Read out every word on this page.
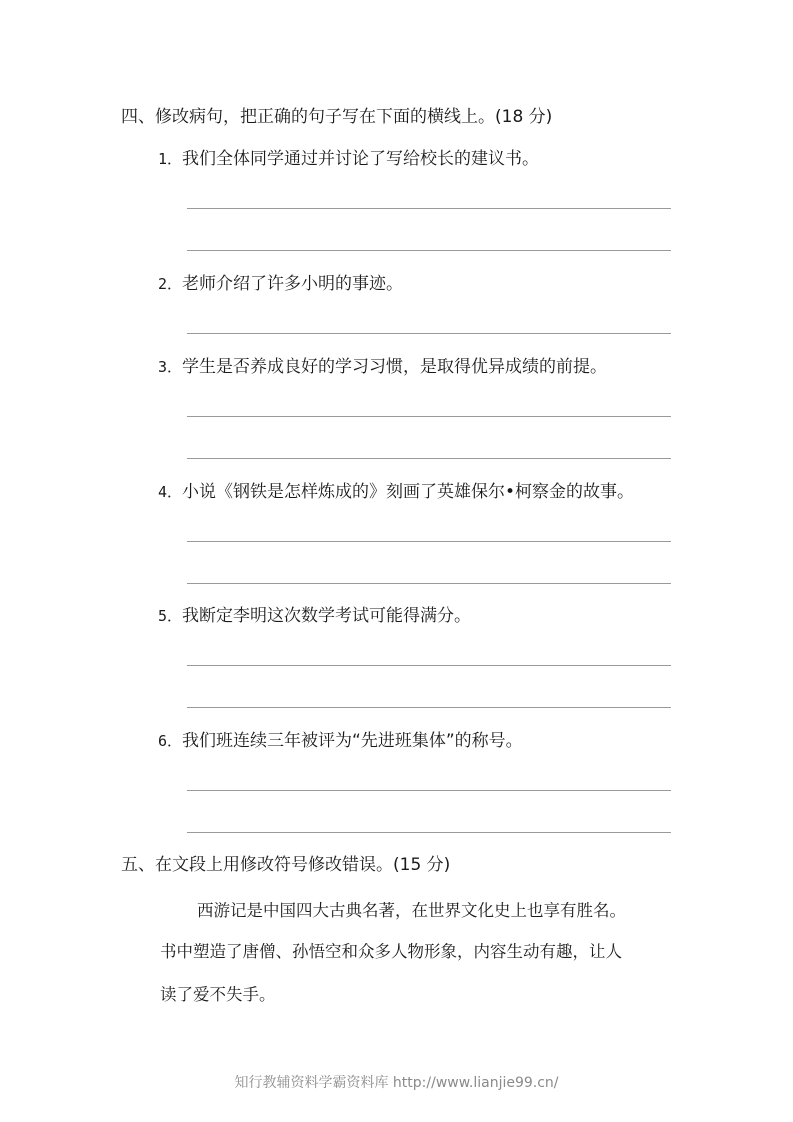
四、修改病句，把正确的句子写在下面的横线上。(18 分)
1．我们全体同学通过并讨论了写给校长的建议书。
2．老师介绍了许多小明的事迹。
3．学生是否养成良好的学习习惯，是取得优异成绩的前提。
4．小说《钢铁是怎样炼成的》刻画了英雄保尔•柯察金的故事。
5．我断定李明这次数学考试可能得满分。
6．我们班连续三年被评为“先进班集体”的称号。
五、在文段上用修改符号修改错误。(15 分)
西游记是中国四大古典名著，在世界文化史上也享有胜名。
书中塑造了唐僧、孙悟空和众多人物形象，内容生动有趣，让人
读了爱不失手。
知行教辅资料学霸资料库 http://www.lianjie99.cn/
